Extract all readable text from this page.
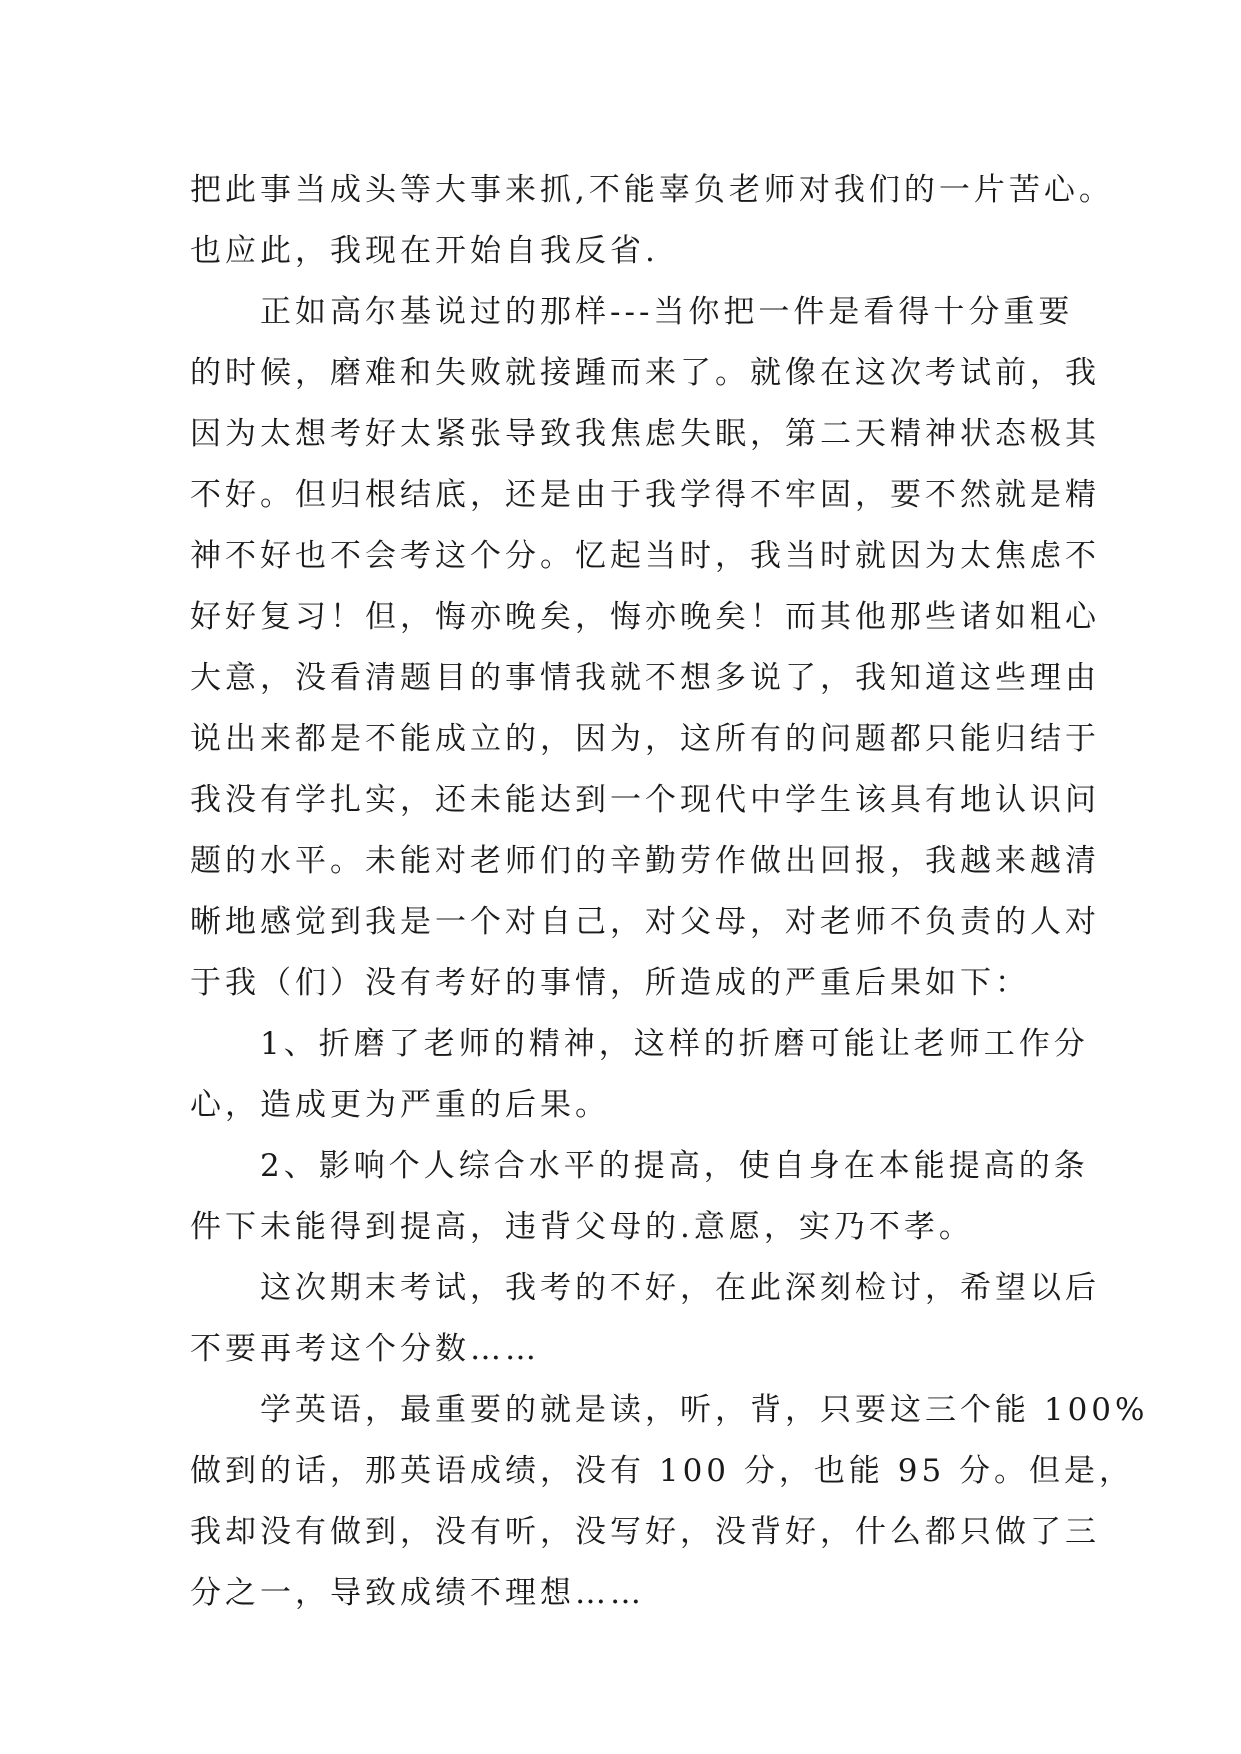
把此事当成头等大事来抓,不能辜负老师对我们的一片苦心。
也应此，我现在开始自我反省.
正如高尔基说过的那样---当你把一件是看得十分重要
的时候，磨难和失败就接踵而来了。就像在这次考试前，我
因为太想考好太紧张导致我焦虑失眠，第二天精神状态极其
不好。但归根结底，还是由于我学得不牢固，要不然就是精
神不好也不会考这个分。忆起当时，我当时就因为太焦虑不
好好复习！但，悔亦晚矣，悔亦晚矣！而其他那些诸如粗心
大意，没看清题目的事情我就不想多说了，我知道这些理由
说出来都是不能成立的，因为，这所有的问题都只能归结于
我没有学扎实，还未能达到一个现代中学生该具有地认识问
题的水平。未能对老师们的辛勤劳作做出回报，我越来越清
晰地感觉到我是一个对自己，对父母，对老师不负责的人对
于我（们）没有考好的事情，所造成的严重后果如下：
1、折磨了老师的精神，这样的折磨可能让老师工作分
心，造成更为严重的后果。
2、影响个人综合水平的提高，使自身在本能提高的条
件下未能得到提高，违背父母的.意愿，实乃不孝。
这次期末考试，我考的不好，在此深刻检讨，希望以后
不要再考这个分数……
学英语，最重要的就是读，听，背，只要这三个能 100%
做到的话，那英语成绩，没有 100 分，也能 95 分。但是，
我却没有做到，没有听，没写好，没背好，什么都只做了三
分之一，导致成绩不理想……
